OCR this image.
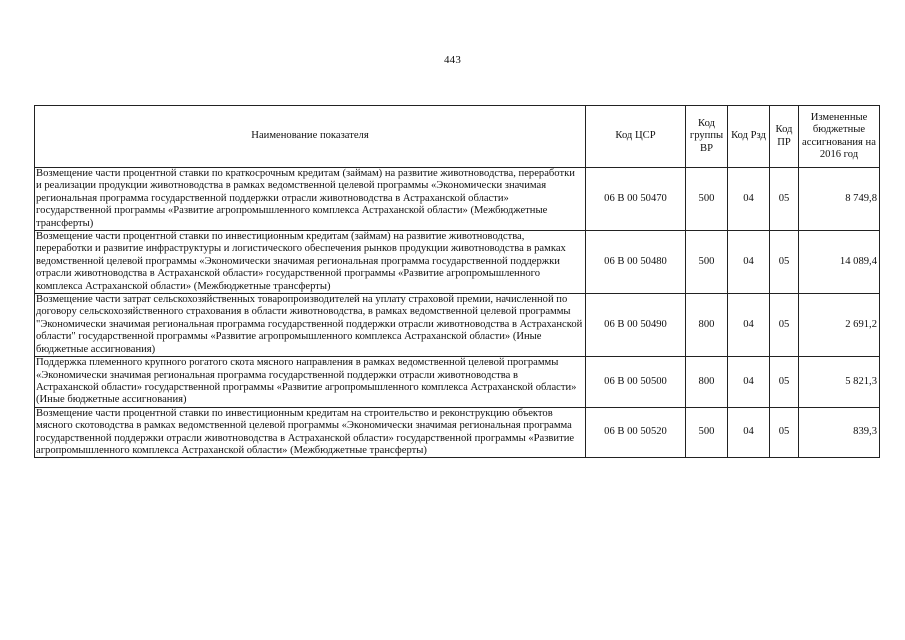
443
Наименование показателя	Код ЦСР	Код группы ВР	Код Рзд	Код ПР	Измененные бюджетные ассигнования на 2016 год
Возмещение части процентной ставки по краткосрочным кредитам (займам) на развитие животноводства, переработки и реализации продукции животноводства в рамках ведомственной целевой программы «Экономически значимая региональная программа государственной поддержки отрасли животноводства в Астраханской области» государственной программы «Развитие агропромышленного комплекса Астраханской области» (Межбюджетные трансферты)	06 В 00 50470	500	04	05	8 749,8
Возмещение части процентной ставки по инвестиционным кредитам (займам) на развитие животноводства, переработки и развитие инфраструктуры и логистического обеспечения рынков продукции животноводства в рамках ведомственной целевой программы «Экономически значимая региональная программа государственной поддержки отрасли животноводства в Астраханской области» государственной программы «Развитие агропромышленного комплекса Астраханской области» (Межбюджетные трансферты)	06 В 00 50480	500	04	05	14 089,4
Возмещение части затрат сельскохозяйственных товаропроизводителей на уплату страховой премии, начисленной по договору сельскохозяйственного страхования в области животноводства, в рамках ведомственной целевой программы "Экономически значимая региональная программа государственной поддержки отрасли животноводства в Астраханской области" государственной программы «Развитие агропромышленного комплекса Астраханской области» (Иные бюджетные ассигнования)	06 В 00 50490	800	04	05	2 691,2
Поддержка племенного крупного рогатого скота мясного направления в рамках ведомственной целевой программы «Экономически значимая региональная программа государственной поддержки отрасли животноводства в Астраханской области» государственной программы «Развитие агропромышленного комплекса Астраханской области» (Иные бюджетные ассигнования)	06 В 00 50500	800	04	05	5 821,3
Возмещение части процентной ставки по инвестиционным кредитам на строительство и реконструкцию объектов мясного скотоводства в рамках ведомственной целевой программы «Экономически значимая региональная программа государственной поддержки отрасли животноводства в Астраханской области» государственной программы «Развитие агропромышленного комплекса Астраханской области» (Межбюджетные трансферты)	06 В 00 50520	500	04	05	839,3
